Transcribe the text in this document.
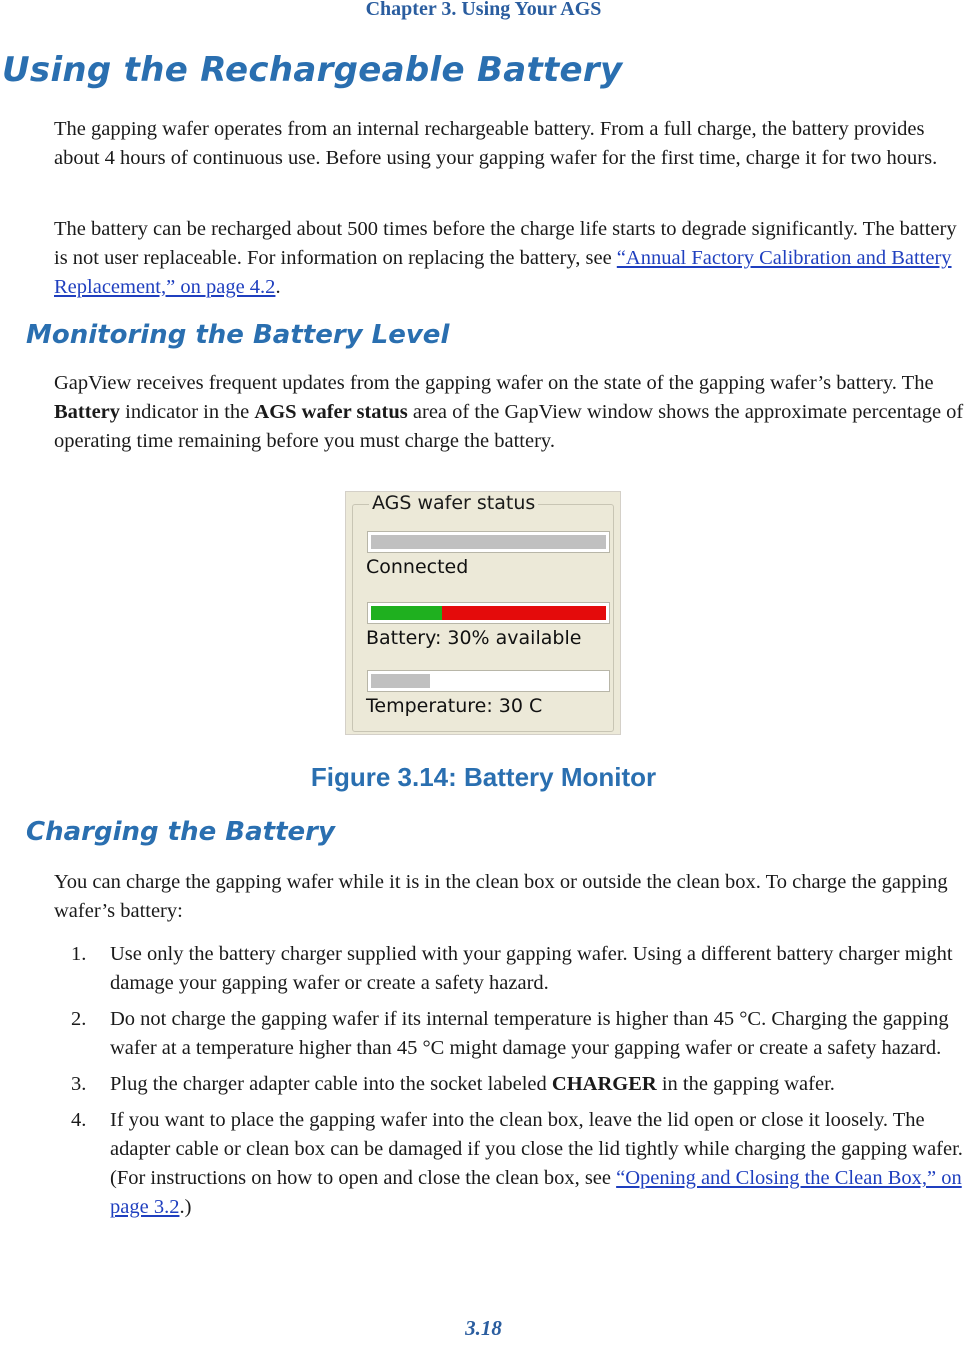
Chapter 3. Using Your AGS
Using the Rechargeable Battery

The gapping wafer operates from an internal rechargeable battery. From a full charge, the battery provides about 4 hours of continuous use. Before using your gapping wafer for the first time, charge it for two hours.

The battery can be recharged about 500 times before the charge life starts to degrade significantly. The battery is not user replaceable. For information on replacing the battery, see “Annual Factory Calibration and Battery Replacement,” on page 4.2.

Monitoring the Battery Level

GapView receives frequent updates from the gapping wafer on the state of the gapping wafer’s battery. The Battery indicator in the AGS wafer status area of the GapView window shows the approximate percentage of operating time remaining before you must charge the battery.

AGS wafer status
Connected
Battery: 30% available
Temperature: 30 C
Figure 3.14: Battery Monitor
Charging the Battery

You can charge the gapping wafer while it is in the clean box or outside the clean box. To charge the gapping wafer’s battery:

1. Use only the battery charger supplied with your gapping wafer. Using a different battery charger might damage your gapping wafer or create a safety hazard.
2. Do not charge the gapping wafer if its internal temperature is higher than 45 °C. Charging the gapping wafer at a temperature higher than 45 °C might damage your gapping wafer or create a safety hazard.
3. Plug the charger adapter cable into the socket labeled CHARGER in the gapping wafer.
4. If you want to place the gapping wafer into the clean box, leave the lid open or close it loosely. The adapter cable or clean box can be damaged if you close the lid tightly while charging the gapping wafer. (For instructions on how to open and close the clean box, see “Opening and Closing the Clean Box,” on page 3.2.)
3.18
